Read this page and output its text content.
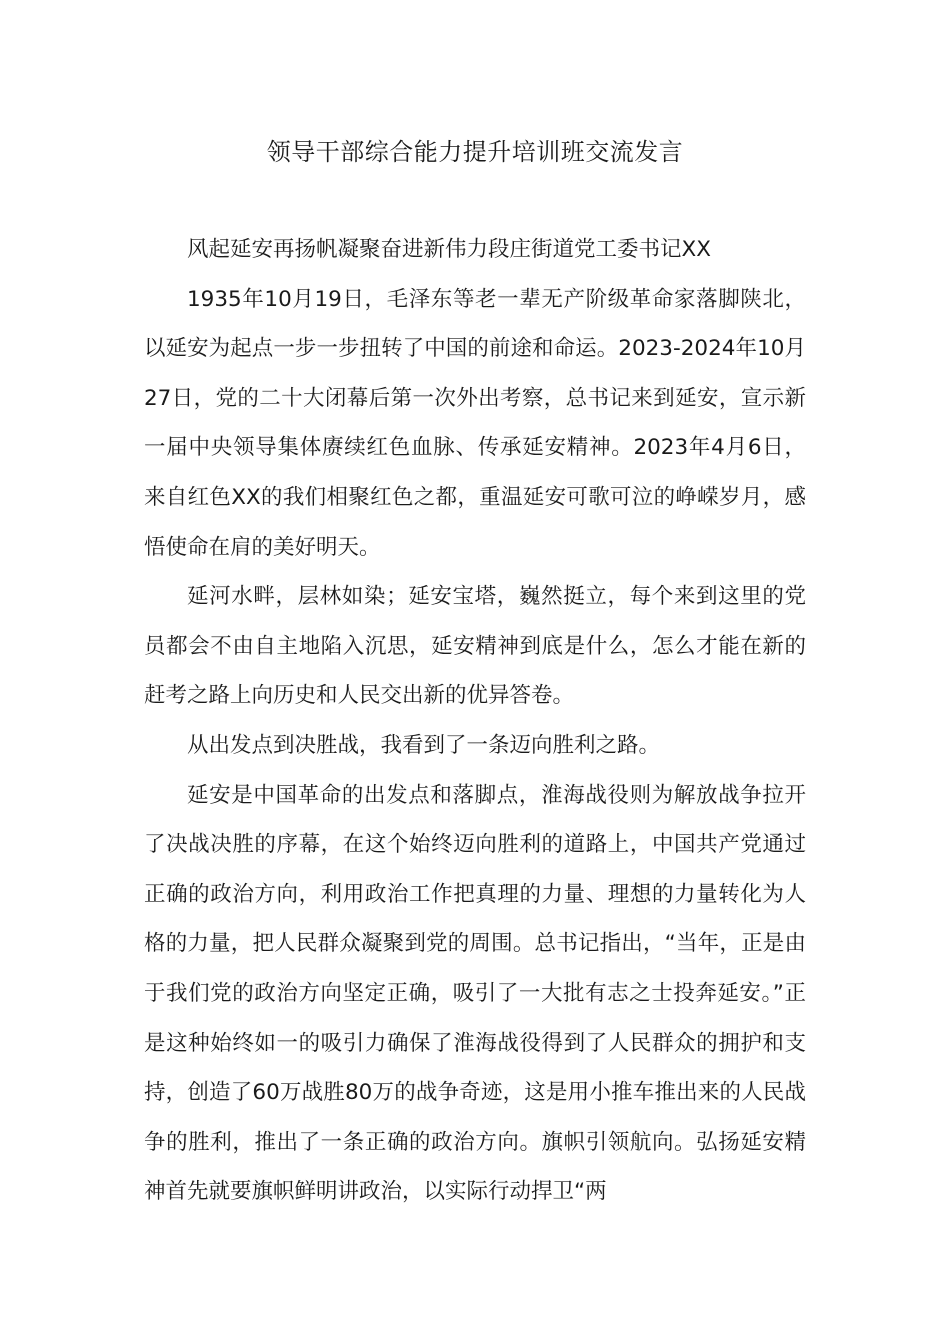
领导干部综合能力提升培训班交流发言

风起延安再扬帆凝聚奋进新伟力段庄街道党工委书记XX

1935年10月19日，毛泽东等老一辈无产阶级革命家落脚陕北，以延安为起点一步一步扭转了中国的前途和命运。2023-2024年10月27日，党的二十大闭幕后第一次外出考察，总书记来到延安，宣示新一届中央领导集体赓续红色血脉、传承延安精神。2023年4月6日，来自红色XX的我们相聚红色之都，重温延安可歌可泣的峥嵘岁月，感悟使命在肩的美好明天。

延河水畔，层林如染；延安宝塔，巍然挺立，每个来到这里的党员都会不由自主地陷入沉思，延安精神到底是什么，怎么才能在新的赶考之路上向历史和人民交出新的优异答卷。

从出发点到决胜战，我看到了一条迈向胜利之路。

延安是中国革命的出发点和落脚点，淮海战役则为解放战争拉开了决战决胜的序幕，在这个始终迈向胜利的道路上，中国共产党通过正确的政治方向，利用政治工作把真理的力量、理想的力量转化为人格的力量，把人民群众凝聚到党的周围。总书记指出，“当年，正是由于我们党的政治方向坚定正确，吸引了一大批有志之士投奔延安。”正是这种始终如一的吸引力确保了淮海战役得到了人民群众的拥护和支持，创造了60万战胜80万的战争奇迹，这是用小推车推出来的人民战争的胜利，推出了一条正确的政治方向。旗帜引领航向。弘扬延安精神首先就要旗帜鲜明讲政治，以实际行动捍卫“两
